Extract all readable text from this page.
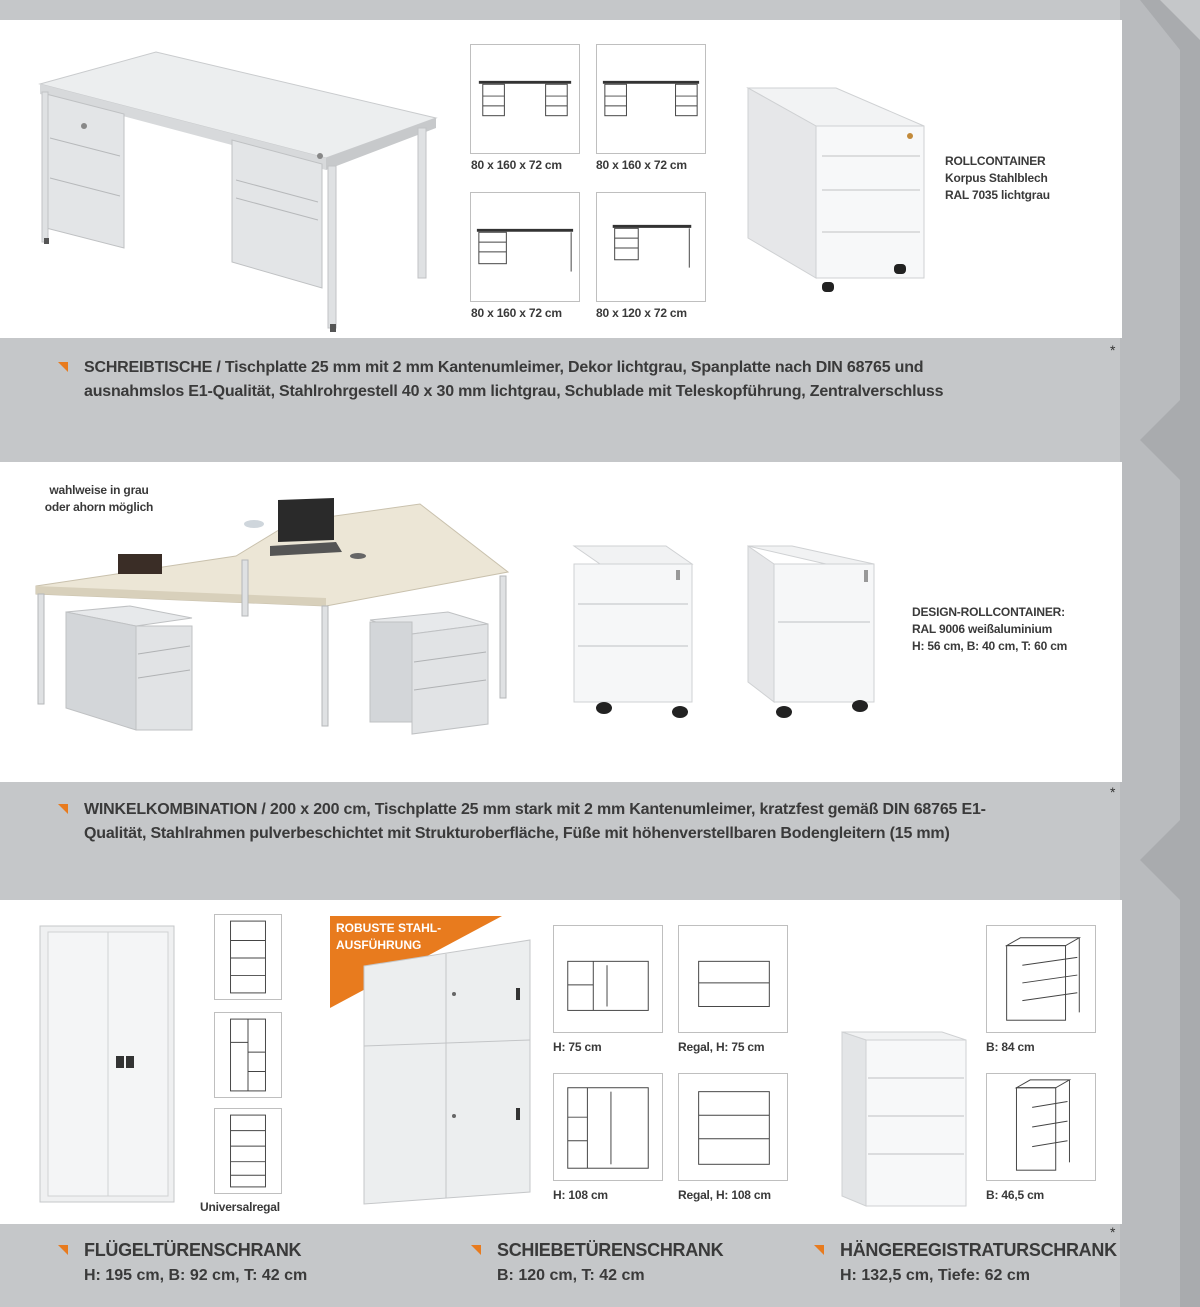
80 x 160 x 72 cm	80 x 160 x 72 cm
80 x 160 x 72 cm	80 x 120 x 72 cm
ROLLCONTAINER
Korpus Stahlblech
RAL 7035 lichtgrau
SCHREIBTISCHE / Tischplatte 25 mm mit 2 mm Kantenumleimer, Dekor lichtgrau, Spanplatte nach DIN 68765 und
ausnahmslos E1-Qualität, Stahlrohrgestell 40 x 30 mm lichtgrau, Schublade mit Teleskopführung, Zentralverschluss
*
wahlweise in grau
oder ahorn möglich
DESIGN-ROLLCONTAINER:
RAL 9006 weißaluminium
H: 56 cm, B: 40 cm, T: 60 cm
WINKELKOMBINATION / 200 x 200 cm, Tischplatte 25 mm stark mit 2 mm Kantenumleimer, kratzfest gemäß DIN 68765 E1-
Qualität, Stahlrahmen pulverbeschichtet mit Strukturoberfläche, Füße mit höhenverstellbaren Bodengleitern (15 mm)
*
Universalregal
ROBUSTE STAHL-
AUSFÜHRUNG
H: 75 cm	Regal, H: 75 cm
H: 108 cm	Regal, H: 108 cm
B: 84 cm
B: 46,5 cm
FLÜGELTÜRENSCHRANK
H: 195 cm, B: 92 cm, T: 42 cm
SCHIEBETÜRENSCHRANK
B: 120 cm, T: 42 cm
HÄNGEREGISTRATURSCHRANK
H: 132,5 cm, Tiefe: 62 cm
*
